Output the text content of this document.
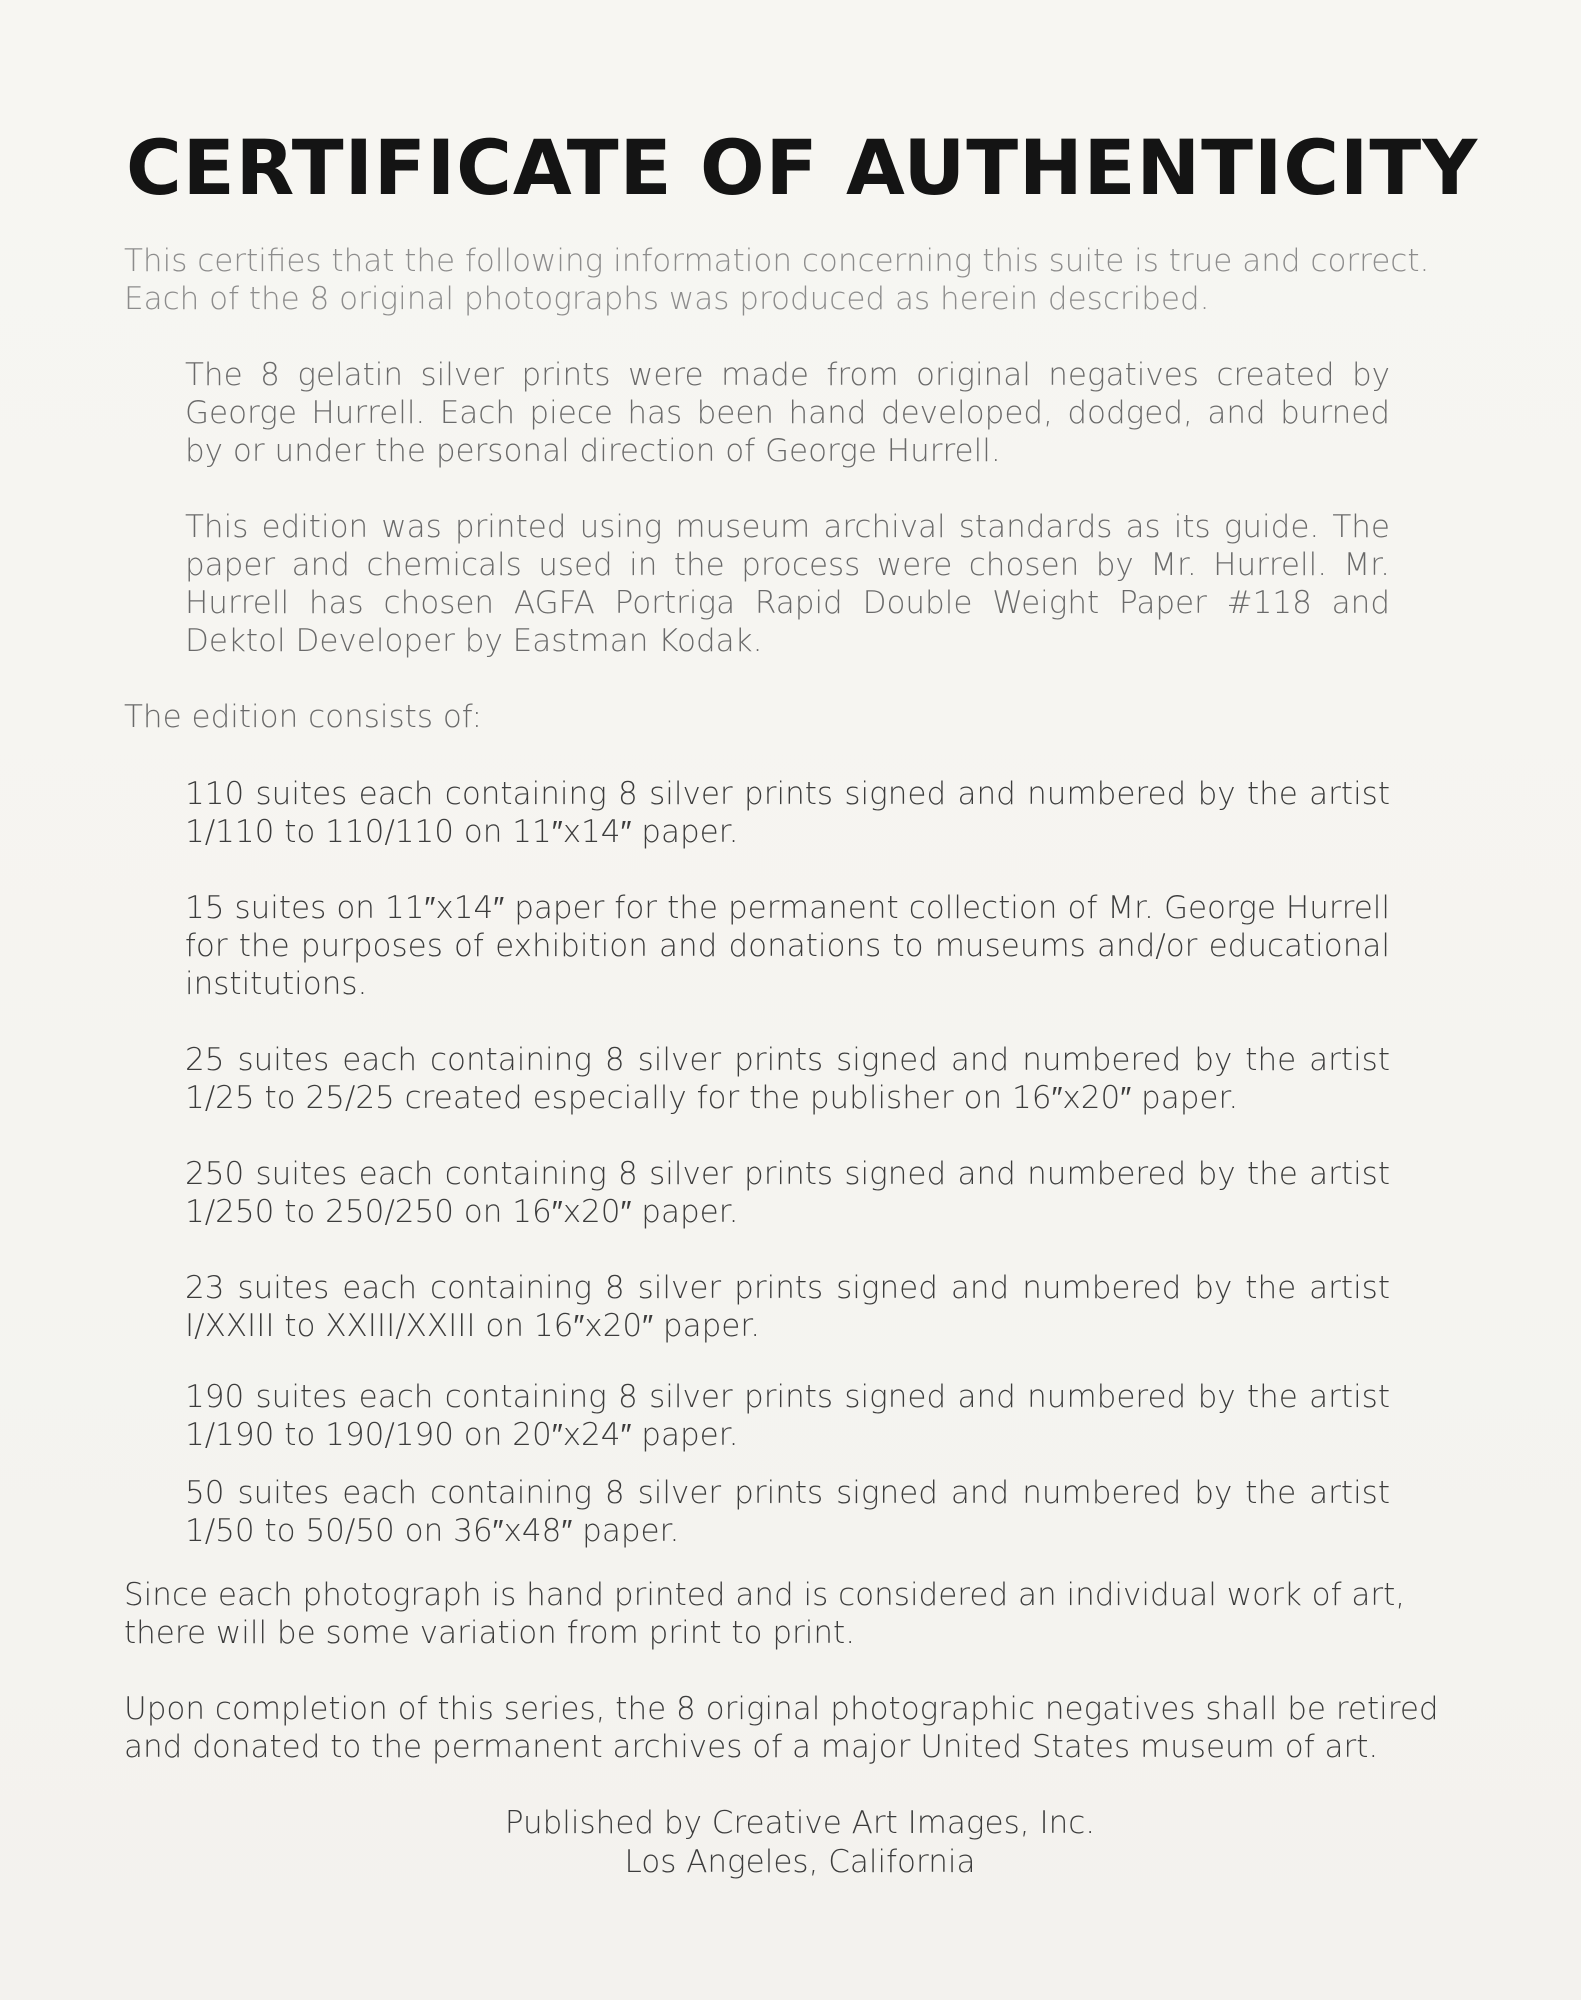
CERTIFICATE OF AUTHENTICITY

This certifies that the following information concerning this suite is true and correct. Each of the 8 original photographs was produced as herein described.

The 8 gelatin silver prints were made from original negatives created by George Hurrell. Each piece has been hand developed, dodged, and burned by or under the personal direction of George Hurrell.

This edition was printed using museum archival standards as its guide. The paper and chemicals used in the process were chosen by Mr. Hurrell. Mr. Hurrell has chosen AGFA Portriga Rapid Double Weight Paper #118 and Dektol Developer by Eastman Kodak.

The edition consists of:

110 suites each containing 8 silver prints signed and numbered by the artist 1/110 to 110/110 on 11″x14″ paper.

15 suites on 11″x14″ paper for the permanent collection of Mr. George Hurrell for the purposes of exhibition and donations to museums and/or educational institutions.

25 suites each containing 8 silver prints signed and numbered by the artist 1/25 to 25/25 created especially for the publisher on 16″x20″ paper.

250 suites each containing 8 silver prints signed and numbered by the artist 1/250 to 250/250 on 16″x20″ paper.

23 suites each containing 8 silver prints signed and numbered by the artist I/XXIII to XXIII/XXIII on 16″x20″ paper.

190 suites each containing 8 silver prints signed and numbered by the artist 1/190 to 190/190 on 20″x24″ paper.

50 suites each containing 8 silver prints signed and numbered by the artist 1/50 to 50/50 on 36″x48″ paper.

Since each photograph is hand printed and is considered an individual work of art, there will be some variation from print to print.

Upon completion of this series, the 8 original photographic negatives shall be retired and donated to the permanent archives of a major United States museum of art.

Published by Creative Art Images, Inc.

Los Angeles, California
